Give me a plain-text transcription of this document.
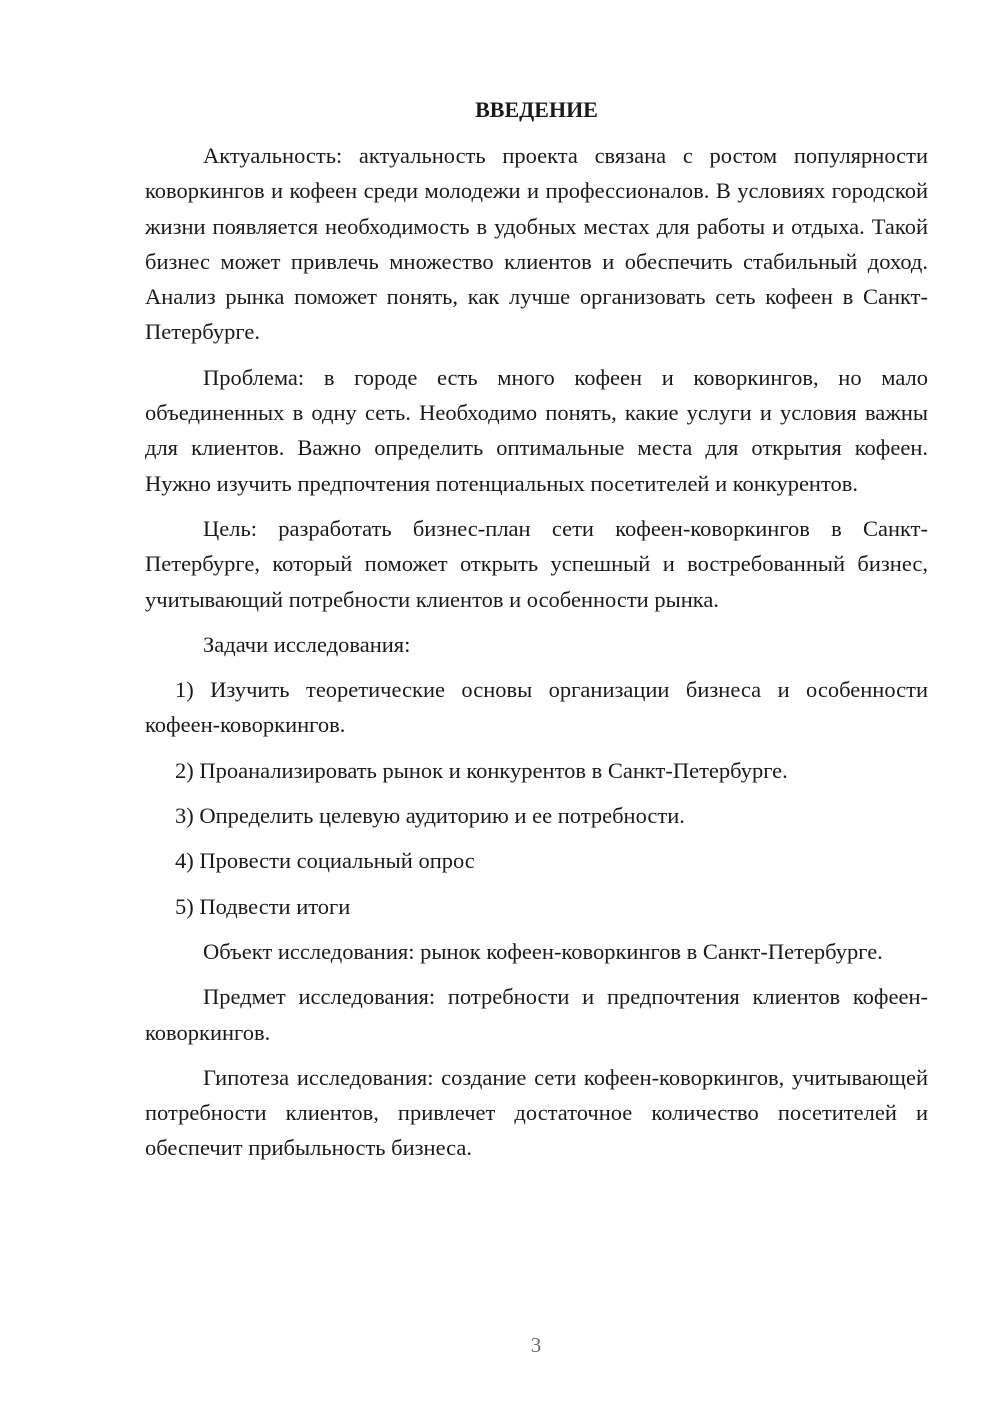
ВВЕДЕНИЕ

Актуальность: актуальность проекта связана с ростом популярности коворкингов и кофеен среди молодежи и профессионалов. В условиях городской жизни появляется необходимость в удобных местах для работы и отдыха. Такой бизнес может привлечь множество клиентов и обеспечить стабильный доход. Анализ рынка поможет понять, как лучше организовать сеть кофеен в Санкт-Петербурге.

Проблема: в городе есть много кофеен и коворкингов, но мало объединенных в одну сеть. Необходимо понять, какие услуги и условия важны для клиентов. Важно определить оптимальные места для открытия кофеен. Нужно изучить предпочтения потенциальных посетителей и конкурентов.

Цель: разработать бизнес-план сети кофеен-коворкингов в Санкт-Петербурге, который поможет открыть успешный и востребованный бизнес, учитывающий потребности клиентов и особенности рынка.

Задачи исследования:

1) Изучить теоретические основы организации бизнеса и особенности кофеен-коворкингов.

2) Проанализировать рынок и конкурентов в Санкт-Петербурге.

3) Определить целевую аудиторию и ее потребности.

4) Провести социальный опрос

5) Подвести итоги

Объект исследования: рынок кофеен-коворкингов в Санкт-Петербурге.

Предмет исследования: потребности и предпочтения клиентов кофеен-коворкингов.

Гипотеза исследования: создание сети кофеен-коворкингов, учитывающей потребности клиентов, привлечет достаточное количество посетителей и обеспечит прибыльность бизнеса.

3
